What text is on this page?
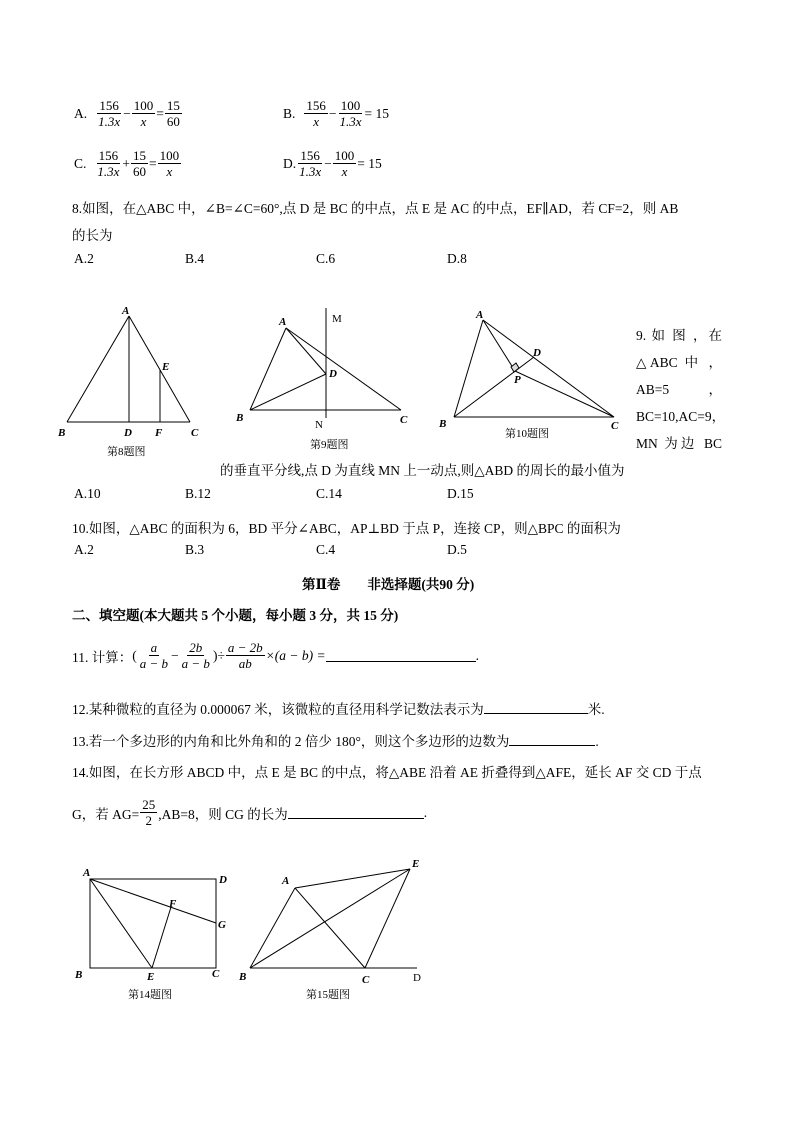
A. $\frac{156}{1.3x} - \frac{100}{x} = \frac{15}{60}$	B. $\frac{156}{x} - \frac{100}{1.3x} = 15$
C. $\frac{156}{1.3x} + \frac{15}{60} = \frac{100}{x}$	D. $\frac{156}{1.3x} - \frac{100}{x} = 15$
8.如图，在△ABC 中，∠B=∠C=60°,点 D 是 BC 的中点，点 E 是 AC 的中点，EF∥AD，若 CF=2，则 AB
的长为
A.2	B.4	C.6	D.8
A
B	C
D
E
F
第8题图
A
B	C
D
M
N
第9题图
A
B	C
D
P
第10题图
9. 如 图 ，在
△ABC 中 ，
AB=5 ，
BC=10,AC=9，
MN 为边 BC
的垂直平分线,点 D 为直线 MN 上一动点,则△ABD 的周长的最小值为
A.10	B.12	C.14	D.15
10.如图，△ABC 的面积为 6，BD 平分∠ABC，AP⊥BD 于点 P，连接 CP，则△BPC 的面积为
A.2	B.3	C.4	D.5
第Ⅱ卷　　非选择题(共90 分)
二、填空题(本大题共 5 个小题，每小题 3 分，共 15 分)
11. 计算： ( $\frac{a}{a - b} - \frac{2b}{a - b}$ ) ÷ $\frac{a - 2b}{ab} \times(a - b)$ =	.
12.某种微粒的直径为 0.000067 米，该微粒的直径用科学记数法表示为	米.
13.若一个多边形的内角和比外角和的 2 倍少 180°，则这个多边形的边数为	.
14.如图，在长方形 ABCD 中，点 E 是 BC 的中点，将△ABE 沿着 AE 折叠得到△AFE，延长 AF 交 CD 于点
G，若 $AG= \frac{25}{2} ,AB=8$，则 CG 的长为	.
A
D
B	E	C
F
G
第14题图
A
E
B	C	D
第15题图
